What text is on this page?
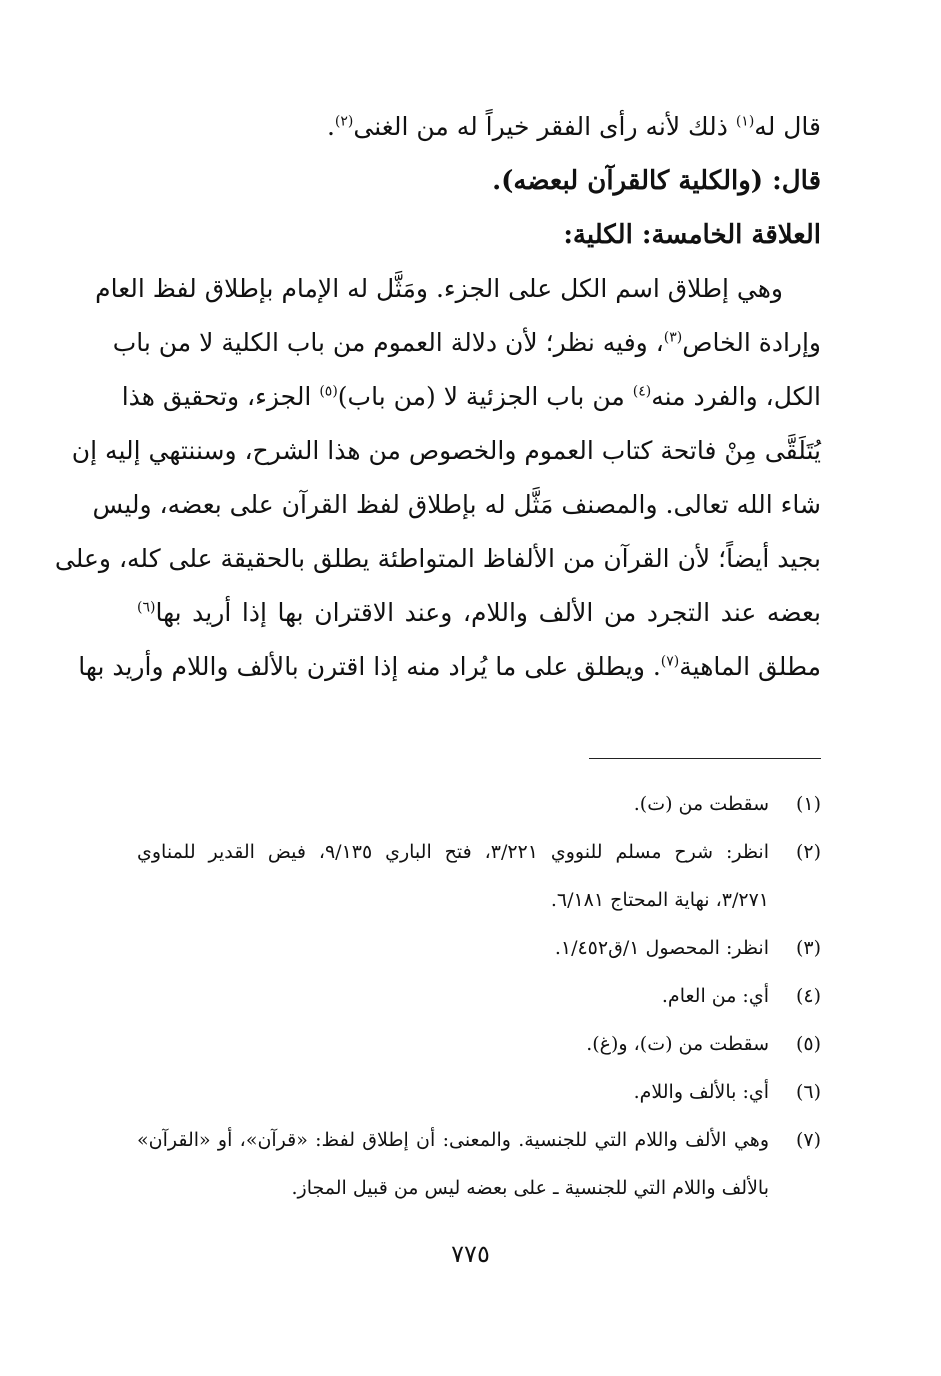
قال له$^{(١)}$ ذلك لأنه رأى الفقر خيراً له من الغنى$^{(٢)}$.

قال: (والكلية كالقرآن لبعضه).

العلاقة الخامسة: الكلية:

وهي إطلاق اسم الكل على الجزء. ومَثَّل له الإمام بإطلاق لفظ العام

وإرادة الخاص$^{(٣)}$، وفيه نظر؛ لأن دلالة العموم من باب الكلية لا من باب

الكل، والفرد منه$^{(٤)}$ من باب الجزئية لا (من باب)$^{(٥)}$ الجزء، وتحقيق هذا

يُتَلَقَّى مِنْ فاتحة كتاب العموم والخصوص من هذا الشرح، وسننتهي إليه إن

شاء الله تعالى. والمصنف مَثَّل له بإطلاق لفظ القرآن على بعضه، وليس

بجيد أيضاً؛ لأن القرآن من الألفاظ المتواطئة يطلق بالحقيقة على كله، وعلى

بعضه عند التجرد من الألف واللام، وعند الاقتران بها إذا أريد بها$^{(٦)}$

مطلق الماهية$^{(٧)}$. ويطلق على ما يُراد منه إذا اقترن بالألف واللام وأريد بها

(١)
سقطت من (ت).
(٢)
انظر: شرح مسلم للنووي ٣/٢٢١، فتح الباري ٩/١٣٥، فيض القدير للمناوي
٣/٢٧١، نهاية المحتاج ٦/١٨١.
(٣)
انظر: المحصول ١/ق١/٤٥٢.
(٤)
أي: من العام.
(٥)
سقطت من (ت)، و(غ).
(٦)
أي: بالألف واللام.
(٧)
وهي الألف واللام التي للجنسية. والمعنى: أن إطلاق لفظ: «قرآن»، أو «القرآن»
بالألف واللام التي للجنسية ـ على بعضه ليس من قبيل المجاز.
٧٧٥
